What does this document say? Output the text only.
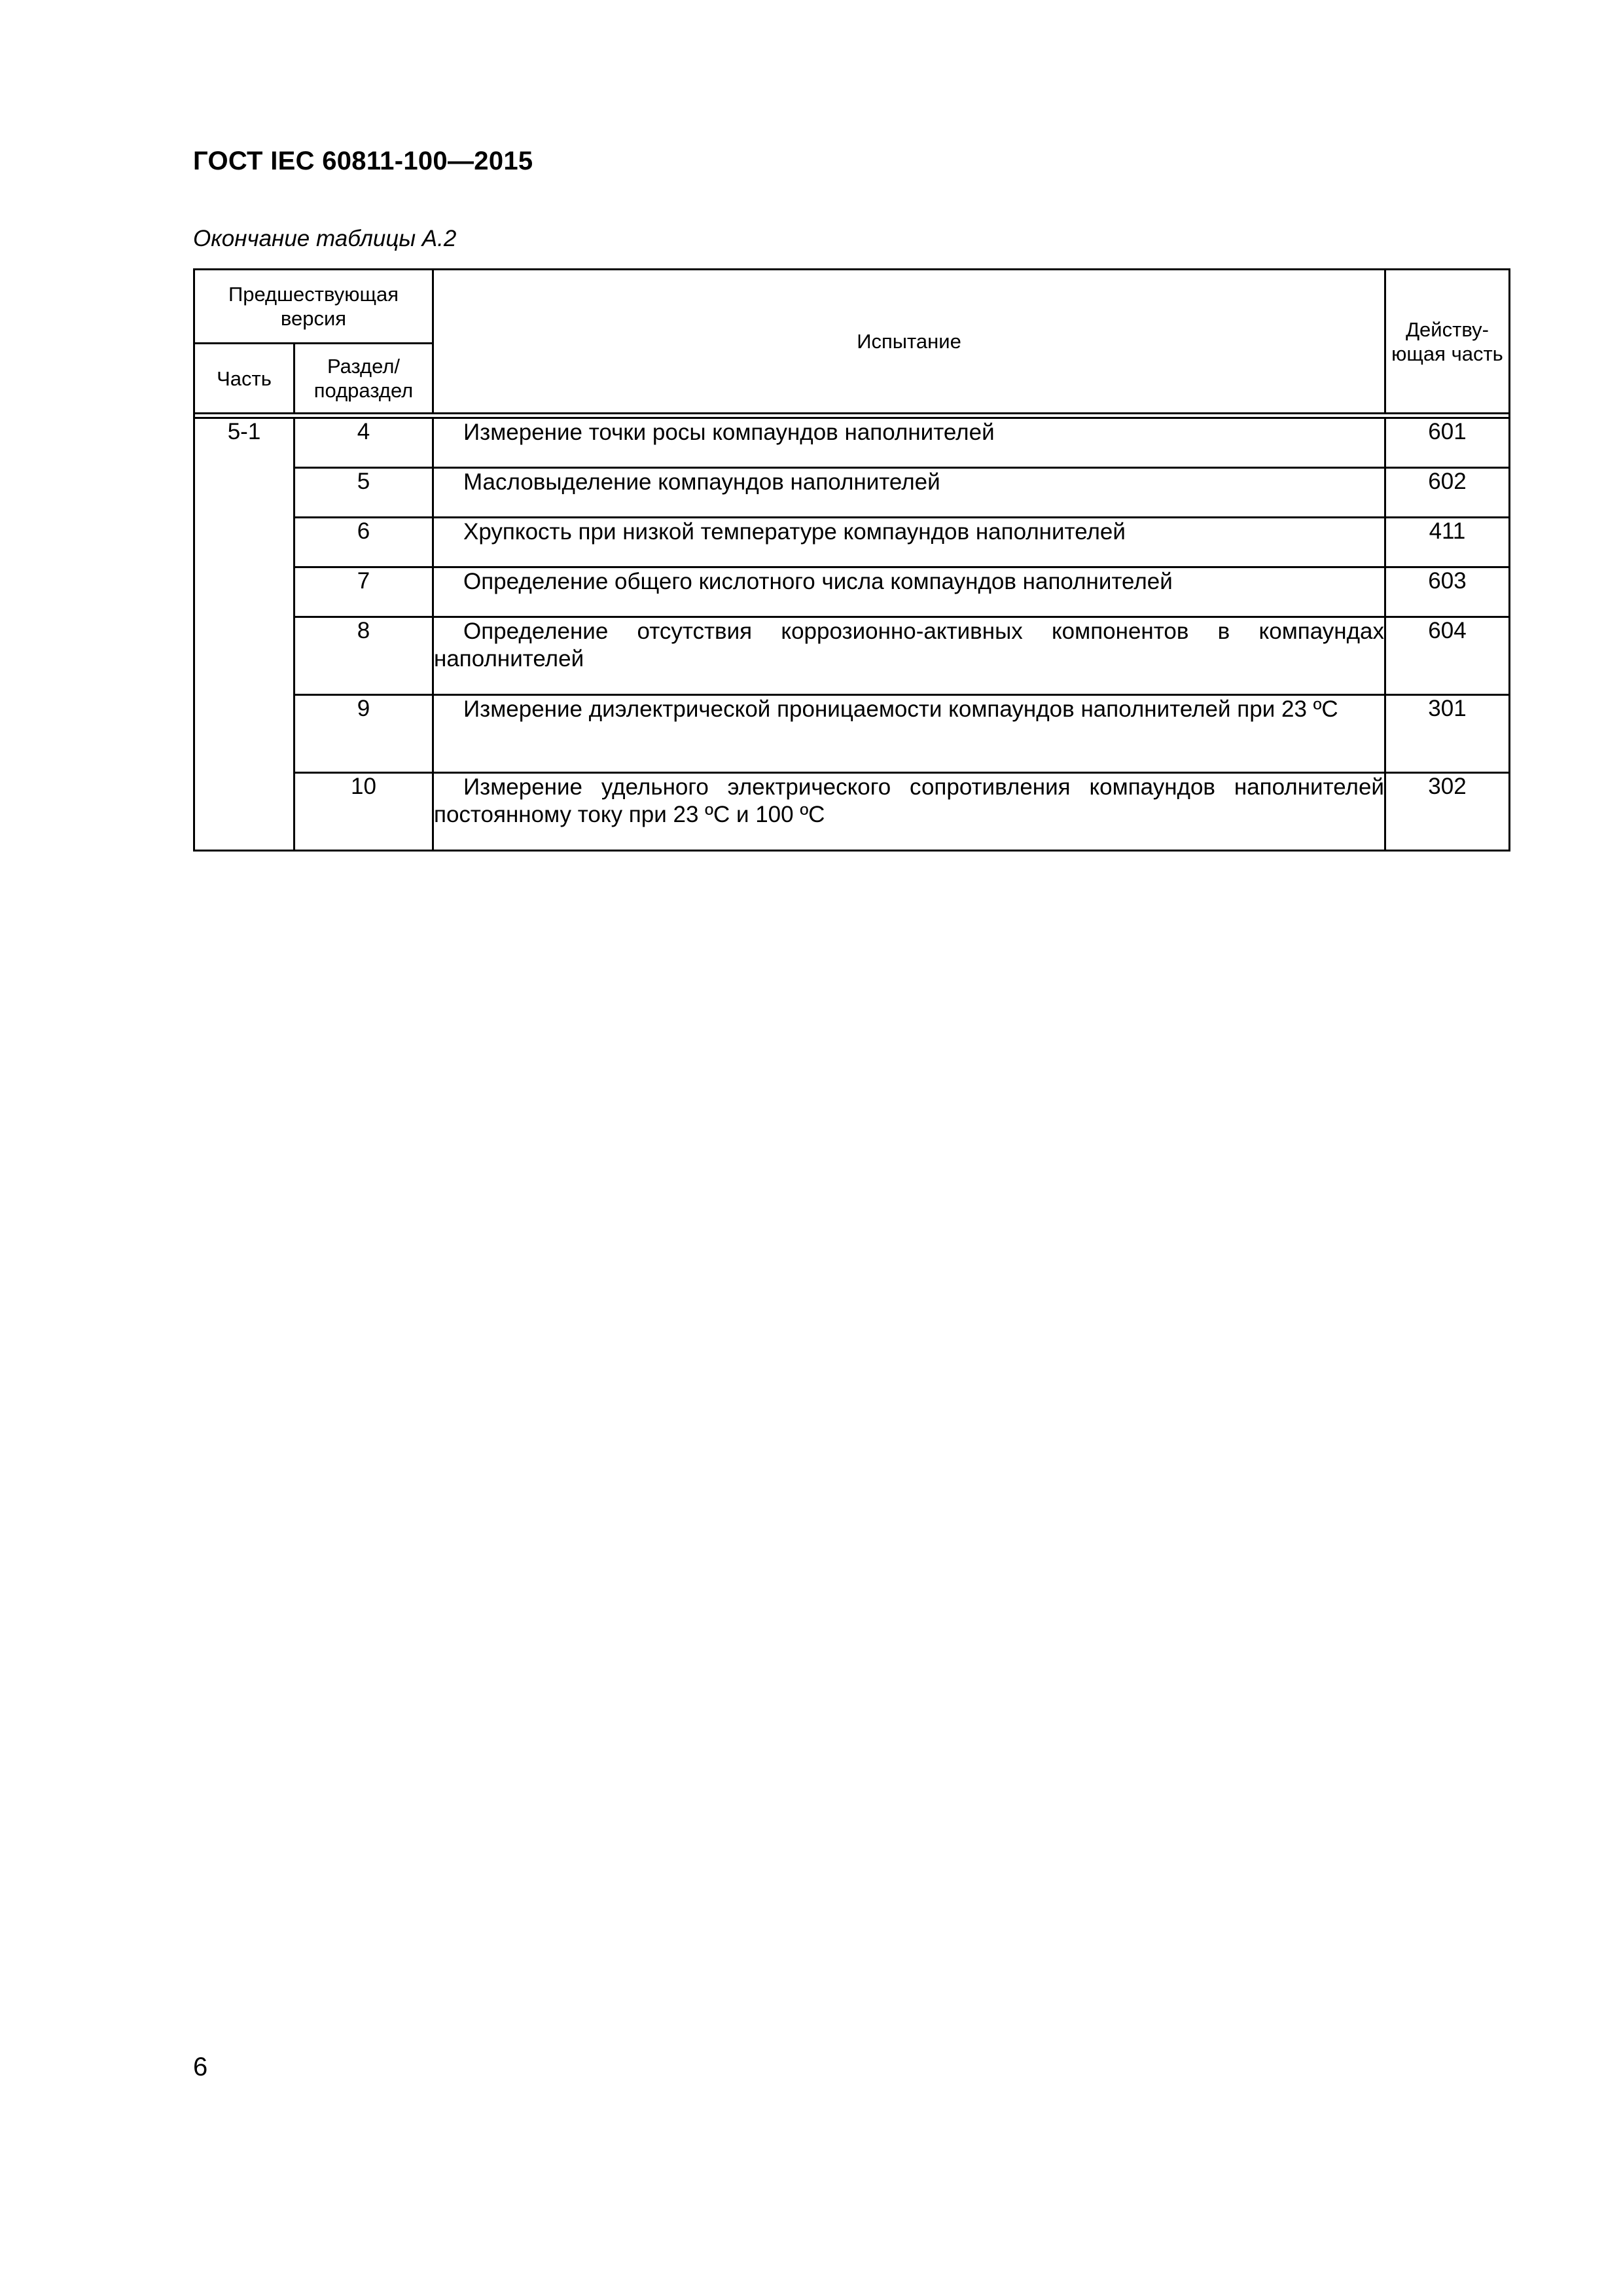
ГОСТ IEC 60811-100—2015
Окончание таблицы А.2
Предшествующая версия		Испытание	Действу-ющая часть
Часть	Раздел/ подраздел		

5-1	4	Измерение точки росы компаундов наполнителей	601
	5	Масловыделение компаундов наполнителей	602
	6	Хрупкость при низкой температуре компаундов наполнителей	411
	7	Определение общего кислотного числа компаундов наполнителей	603
	8	Определение отсутствия коррозионно-активных компонентов в компаундах наполнителей	604
	9	Измерение диэлектрической проницаемости компаундов наполнителей при 23 ºС	301
	10	Измерение удельного электрического сопротивления компаундов наполнителей постоянному току при 23 ºС и 100 ºС	302
6
